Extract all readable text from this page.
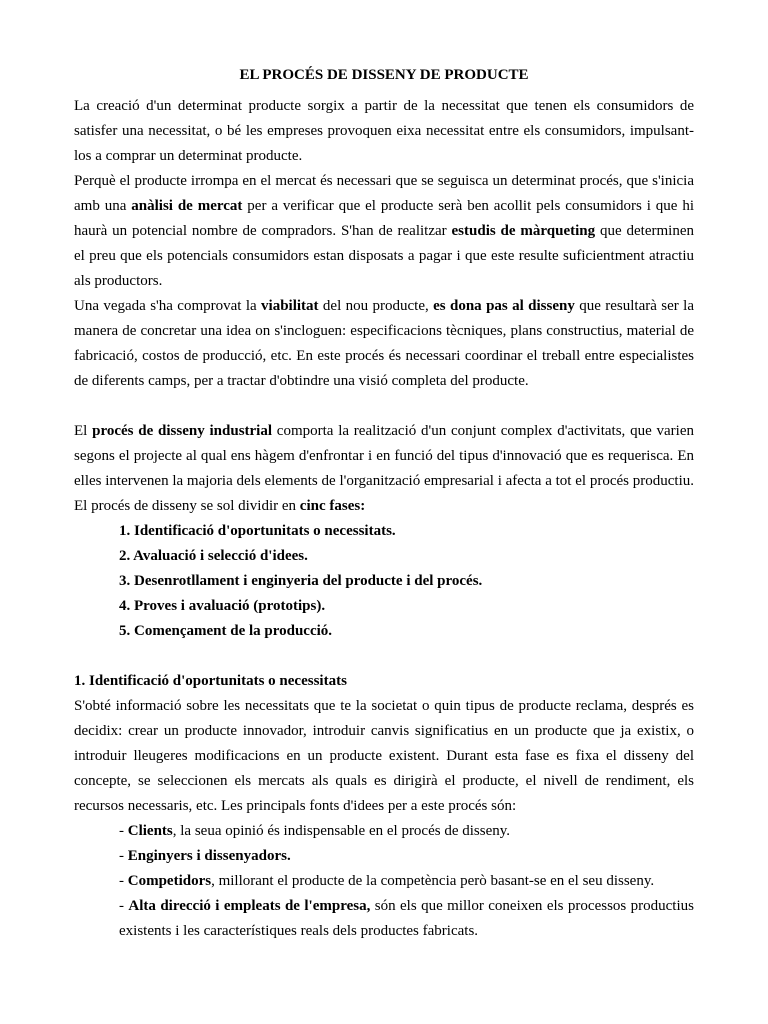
EL PROCÉS DE DISSENY DE PRODUCTE

La creació d'un determinat producte sorgix a partir de la necessitat que tenen els consumidors de satisfer una necessitat, o bé les empreses provoquen eixa necessitat entre els consumidors, impulsant-los a comprar un determinat producte.

Perquè el producte irrompa en el mercat és necessari que se seguisca un determinat procés, que s'inicia amb una anàlisi de mercat per a verificar que el producte serà ben acollit pels consumidors i que hi haurà un potencial nombre de compradors. S'han de realitzar estudis de màrqueting que determinen el preu que els potencials consumidors estan disposats a pagar i que este resulte suficientment atractiu als productors.

Una vegada s'ha comprovat la viabilitat del nou producte, es dona pas al disseny que resultarà ser la manera de concretar una idea on s'incloguen: especificacions tècniques, plans constructius, material de fabricació, costos de producció, etc. En este procés és necessari coordinar el treball entre especialistes de diferents camps, per a tractar d'obtindre una visió completa del producte.

El procés de disseny industrial comporta la realització d'un conjunt complex d'activitats, que varien segons el projecte al qual ens hàgem d'enfrontar i en funció del tipus d'innovació que es requerisca. En elles intervenen la majoria dels elements de l'organització empresarial i afecta a tot el procés productiu. El procés de disseny se sol dividir en cinc fases:

1. Identificació d'oportunitats o necessitats.
2. Avaluació i selecció d'idees.
3. Desenrotllament i enginyeria del producte i del procés.
4. Proves i avaluació (prototips).
5. Començament de la producció.
1. Identificació d'oportunitats o necessitats

S'obté informació sobre les necessitats que te la societat o quin tipus de producte reclama, després es decidix: crear un producte innovador, introduir canvis significatius en un producte que ja existix, o introduir lleugeres modificacions en un producte existent. Durant esta fase es fixa el disseny del concepte, se seleccionen els mercats als quals es dirigirà el producte, el nivell de rendiment, els recursos necessaris, etc. Les principals fonts d'idees per a este procés són:

- Clients, la seua opinió és indispensable en el procés de disseny.
- Enginyers i dissenyadors.
- Competidors, millorant el producte de la competència però basant-se en el seu disseny.
- Alta direcció i empleats de l'empresa, són els que millor coneixen els processos productius existents i les característiques reals dels productes fabricats.
